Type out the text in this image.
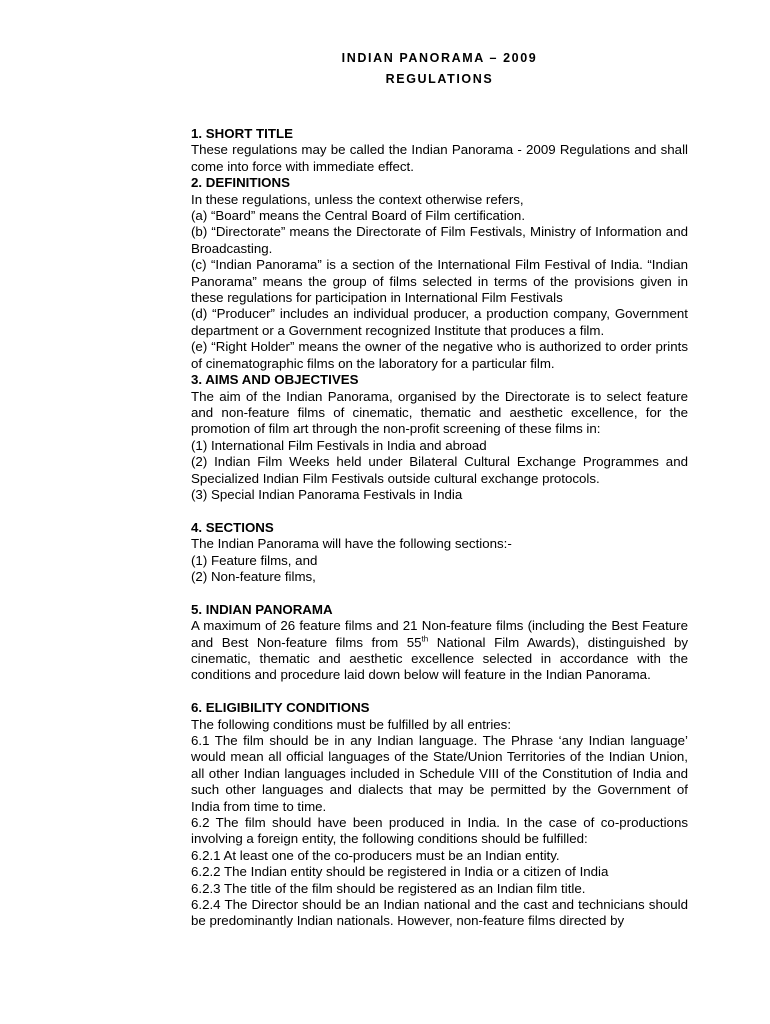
INDIAN PANORAMA – 2009

REGULATIONS

1. SHORT TITLE

These regulations may be called the Indian Panorama - 2009 Regulations and shall come into force with immediate effect.

2. DEFINITIONS

In these regulations, unless the context otherwise refers,

(a) “Board” means the Central Board of Film certification.

(b) “Directorate” means the Directorate of Film Festivals, Ministry of Information and Broadcasting.

(c) “Indian Panorama” is a section of the International Film Festival of India. “Indian Panorama” means the group of films selected in terms of the provisions given in these regulations for participation in International Film Festivals

(d) “Producer” includes an individual producer, a production company, Government department or a Government recognized Institute that produces a film.

(e) “Right Holder” means the owner of the negative who is authorized to order prints of cinematographic films on the laboratory for a particular film.

3. AIMS AND OBJECTIVES

The aim of the Indian Panorama, organised by the Directorate is to select feature and non-feature films of cinematic, thematic and aesthetic excellence, for the promotion of film art through the non-profit screening of these films in:

(1) International Film Festivals in India and abroad

(2) Indian Film Weeks held under Bilateral Cultural Exchange Programmes and Specialized Indian Film Festivals outside cultural exchange protocols.

(3) Special Indian Panorama Festivals in India

4. SECTIONS

The Indian Panorama will have the following sections:-

(1) Feature films, and

(2) Non-feature films,

5. INDIAN PANORAMA

A maximum of 26 feature films and 21 Non-feature films (including the Best Feature and Best Non-feature films from 55th National Film Awards), distinguished by cinematic, thematic and aesthetic excellence selected in accordance with the conditions and procedure laid down below will feature in the Indian Panorama.

6. ELIGIBILITY CONDITIONS

The following conditions must be fulfilled by all entries:

6.1 The film should be in any Indian language. The Phrase ‘any Indian language’ would mean all official languages of the State/Union Territories of the Indian Union, all other Indian languages included in Schedule VIII of the Constitution of India and such other languages and dialects that may be permitted by the Government of India from time to time.

6.2 The film should have been produced in India. In the case of co-productions involving a foreign entity, the following conditions should be fulfilled:

6.2.1 At least one of the co-producers must be an Indian entity.

6.2.2 The Indian entity should be registered in India or a citizen of India

6.2.3 The title of the film should be registered as an Indian film title.

6.2.4 The Director should be an Indian national and the cast and technicians should be predominantly Indian nationals. However, non-feature films directed by
